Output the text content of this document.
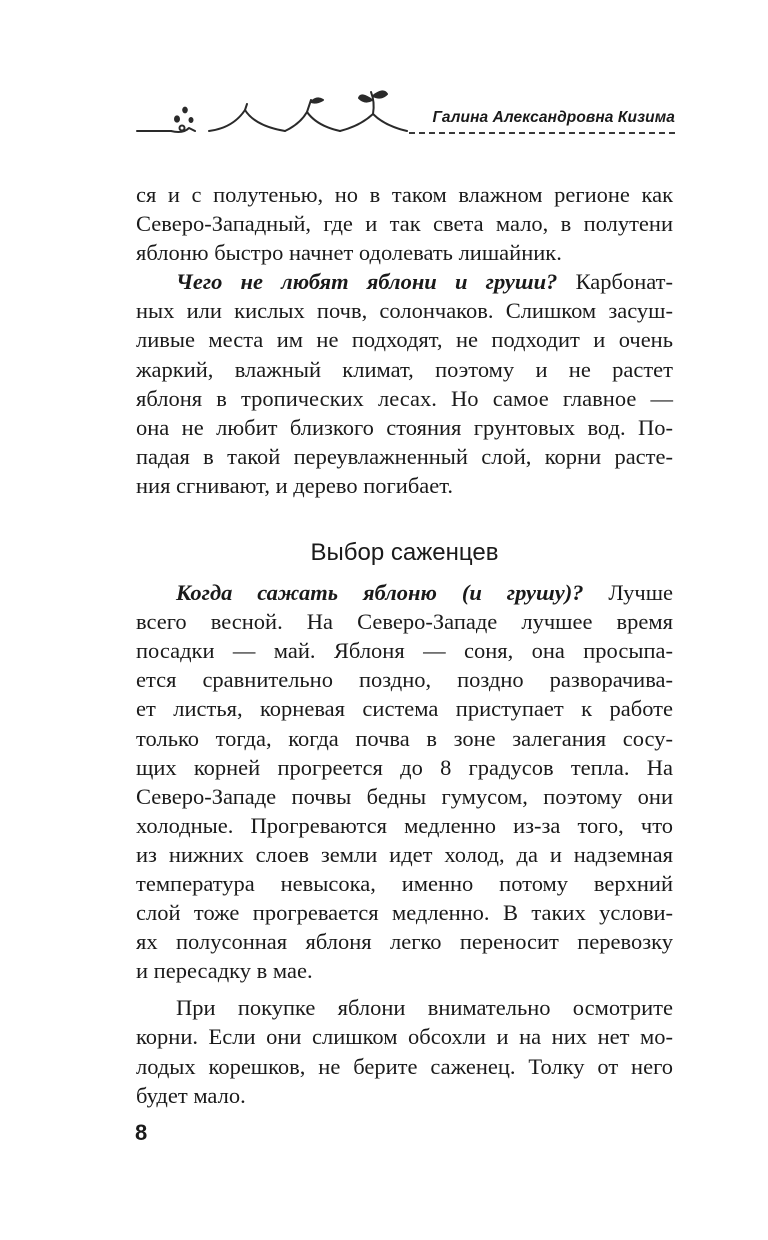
Галина Александровна Кизима
ся и с полутенью, но в таком влажном регионе как
Северо-Западный, где и так света мало, в полутени
яблоню быстро начнет одолевать лишайник.
Чего не любят яблони и груши? Карбонат-
ных или кислых почв, солончаков. Слишком засуш-
ливые места им не подходят, не подходит и очень
жаркий, влажный климат, поэтому и не растет
яблоня в тропических лесах. Но самое главное —
она не любит близкого стояния грунтовых вод. По-
падая в такой переувлажненный слой, корни расте-
ния сгнивают, и дерево погибает.
Выбор саженцев
Когда сажать яблоню (и грушу)? Лучше
всего весной. На Северо-Западе лучшее время
посадки — май. Яблоня — соня, она просыпа-
ется сравнительно поздно, поздно разворачива-
ет листья, корневая система приступает к работе
только тогда, когда почва в зоне залегания сосу-
щих корней прогреется до 8 градусов тепла. На
Северо-Западе почвы бедны гумусом, поэтому они
холодные. Прогреваются медленно из-за того, что
из нижних слоев земли идет холод, да и надземная
температура невысока, именно потому верхний
слой тоже прогревается медленно. В таких услови-
ях полусонная яблоня легко переносит перевозку
и пересадку в мае.
При покупке яблони внимательно осмотрите
корни. Если они слишком обсохли и на них нет мо-
лодых корешков, не берите саженец. Толку от него
будет мало.
8
